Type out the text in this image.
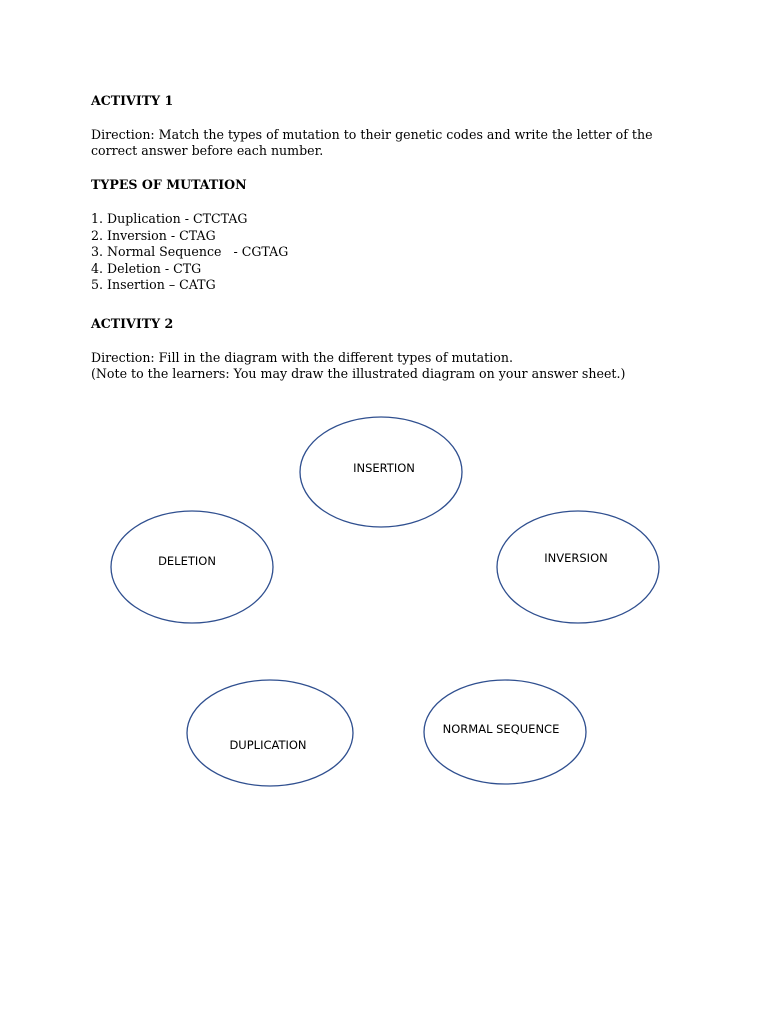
ACTIVITY 1
Direction: Match the types of mutation to their genetic codes and write the letter of the
correct answer before each number.
TYPES OF MUTATION
1. Duplication - CTCTAG
2. Inversion - CTAG
3. Normal Sequence   - CGTAG
4. Deletion - CTG
5. Insertion – CATG
ACTIVITY 2
Direction: Fill in the diagram with the different types of mutation.
(Note to the learners: You may draw the illustrated diagram on your answer sheet.)
INSERTION
DELETION	INVERSION
DUPLICATION
NORMAL SEQUENCE
